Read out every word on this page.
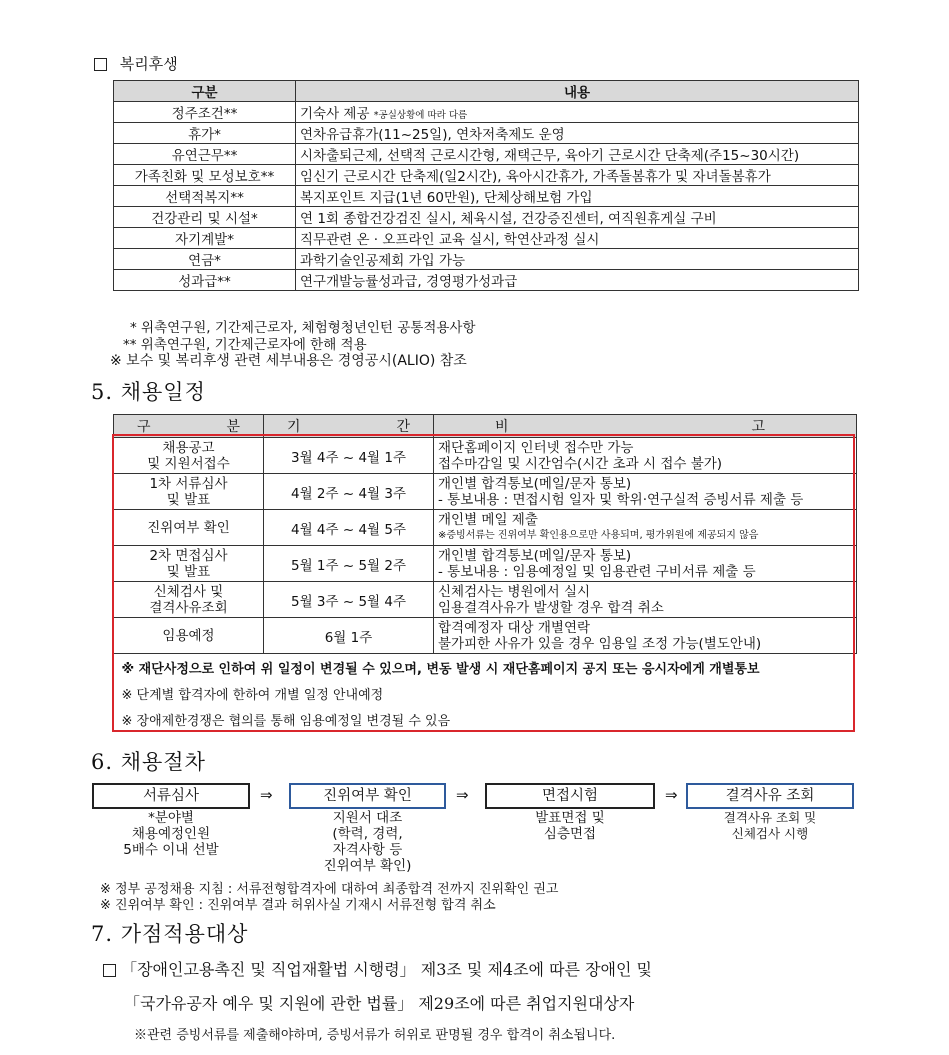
복리후생
구분	내용
정주조건**	기숙사 제공 *공실상황에 따라 다름
휴가*	연차유급휴가(11~25일), 연차저축제도 운영
유연근무**	시차출퇴근제, 선택적 근로시간형, 재택근무, 육아기 근로시간 단축제(주15~30시간)
가족친화 및 모성보호**	임신기 근로시간 단축제(일2시간), 육아시간휴가, 가족돌봄휴가 및 자녀돌봄휴가
선택적복지**	복지포인트 지급(1년 60만원), 단체상해보험 가입
건강관리 및 시설*	연 1회 종합건강검진 실시, 체육시설, 건강증진센터, 여직원휴게실 구비
자기계발*	직무관련 온 · 오프라인 교육 실시, 학연산과정 실시
연금*	과학기술인공제회 가입 가능
성과급**	연구개발능률성과급, 경영평가성과급
* 위촉연구원, 기간제근로자, 체험형청년인턴 공통적용사항
** 위촉연구원, 기간제근로자에 한해 적용
※ 보수 및 복리후생 관련 세부내용은 경영공시(ALIO) 참조
5. 채용일정
구 분	기 간	비 고

채용공고
및 지원서접수	3월 4주 ~ 4월 1주	재단홈페이지 인터넷 접수만 가능
접수마감일 및 시간엄수(시간 초과 시 접수 불가)

1차 서류심사
및 발표	4월 2주 ~ 4월 3주	개인별 합격통보(메일/문자 통보)
- 통보내용 : 면접시험 일자 및 학위·연구실적 증빙서류 제출 등

진위여부 확인	4월 4주 ~ 4월 5주	개인별 메일 제출
※증빙서류는 진위여부 확인용으로만 사용되며, 평가위원에 제공되지 않음

2차 면접심사
및 발표	5월 1주 ~ 5월 2주	개인별 합격통보(메일/문자 통보)
- 통보내용 : 임용예정일 및 임용관련 구비서류 제출 등

신체검사 및
결격사유조회	5월 3주 ~ 5월 4주	신체검사는 병원에서 실시
임용결격사유가 발생할 경우 합격 취소

임용예정	6월 1주	합격예정자 대상 개별연락
불가피한 사유가 있을 경우 임용일 조정 가능(별도안내)

※ 재단사정으로 인하여 위 일정이 변경될 수 있으며, 변동 발생 시 재단홈페이지 공지 또는 응시자에게 개별통보		
※ 단계별 합격자에 한하여 개별 일정 안내예정		
※ 장애제한경쟁은 협의를 통해 임용예정일 변경될 수 있음		
6. 채용절차
서류심사	⇒	진위여부 확인	⇒	면접시험	⇒	결격사유 조회
*분야별
채용예정인원
5배수 이내 선발
지원서 대조
(학력, 경력,
자격사항 등
진위여부 확인)
발표면접 및
심층면접
결격사유 조회 및
신체검사 시행
※ 정부 공정채용 지침 : 서류전형합격자에 대하여 최종합격 전까지 진위확인 권고
※ 진위여부 확인 : 진위여부 결과 허위사실 기재시 서류전형 합격 취소
7. 가점적용대상
「장애인고용촉진 및 직업재활법 시행령」 제3조 및 제4조에 따른 장애인 및
「국가유공자 예우 및 지원에 관한 법률」 제29조에 따른 취업지원대상자
※관련 증빙서류를 제출해야하며, 증빙서류가 허위로 판명될 경우 합격이 취소됩니다.
